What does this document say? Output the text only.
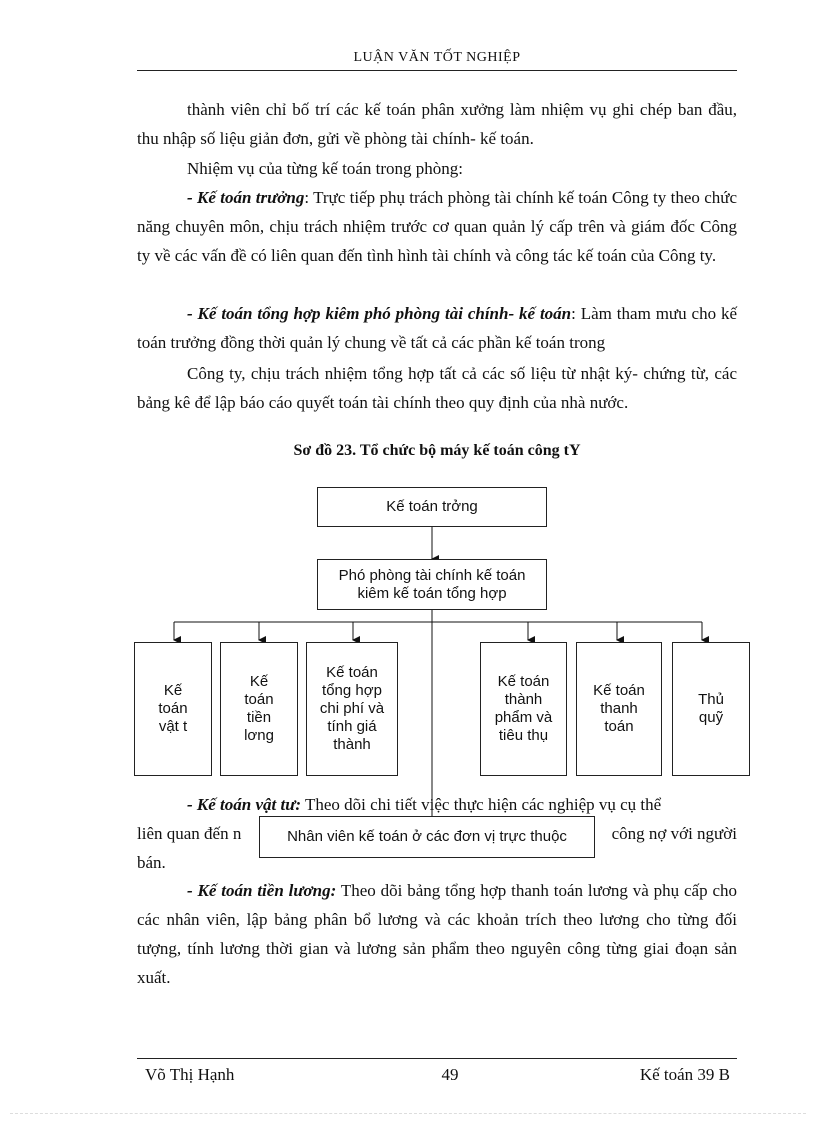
LUẬN VĂN TỐT NGHIỆP
thành viên chỉ bố trí các kế toán phân xưởng làm nhiệm vụ ghi chép ban đầu, thu nhập số liệu giản đơn, gửi về phòng tài chính- kế toán.
Nhiệm vụ của từng kế toán trong phòng:
- Kế toán trưởng: Trực tiếp phụ trách phòng tài chính kế toán Công ty theo chức năng chuyên môn, chịu trách nhiệm trước cơ quan quản lý cấp trên và giám đốc Công ty về các vấn đề có liên quan đến tình hình tài chính và công tác kế toán của Công ty.
- Kế toán tổng hợp kiêm phó phòng tài chính- kế toán: Làm tham mưu cho kế toán trưởng đồng thời quản lý chung về tất cả các phần kế toán trong
Công ty, chịu trách nhiệm tổng hợp tất cả các số liệu từ nhật ký- chứng từ, các bảng kê để lập báo cáo quyết toán tài chính theo quy định của nhà nước.
Sơ đồ 23. Tổ chức bộ máy kế toán công tY
Kế toán trởng
Phó phòng tài chính kế toán kiêm kế toán tổng hợp
Kế toán vật t
Kế toán tiền lơng
Kế toán tổng hợp chi phí và tính giá thành
Kế toán thành phẩm và tiêu thụ
Kế toán thanh toán
Thủ quỹ
- Kế toán vật tư: Theo dõi chi tiết việc thực hiện các nghiệp vụ cụ thể
liên quan đến n	công nợ với người
bán.
Nhân viên kế toán ở các đơn vị trực thuộc
- Kế toán tiền lương: Theo dõi bảng tổng hợp thanh toán lương và phụ cấp cho các nhân viên, lập bảng phân bổ lương và các khoản trích theo lương cho từng đối tượng, tính lương thời gian và lương sản phẩm theo nguyên công từng giai đoạn sản xuất.
Võ Thị Hạnh	49	Kế toán 39 B
